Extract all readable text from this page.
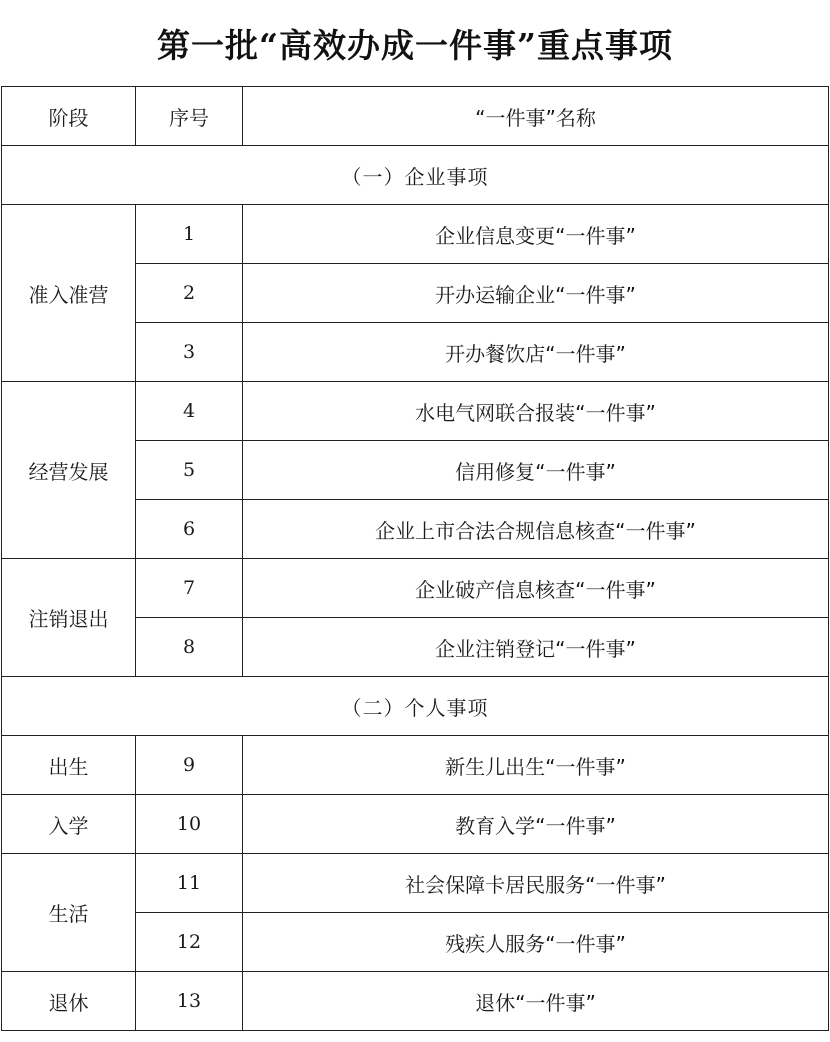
第一批“高效办成一件事”重点事项
阶段	序号	“一件事”名称
（一）企业事项		
准入准营	1	企业信息变更“一件事”
	2	开办运输企业“一件事”
	3	开办餐饮店“一件事”
经营发展	4	水电气网联合报装“一件事”
	5	信用修复“一件事”
	6	企业上市合法合规信息核查“一件事”
注销退出	7	企业破产信息核查“一件事”
	8	企业注销登记“一件事”
（二）个人事项		
出生	9	新生儿出生“一件事”
入学	10	教育入学“一件事”
生活	11	社会保障卡居民服务“一件事”
	12	残疾人服务“一件事”
退休	13	退休“一件事”
